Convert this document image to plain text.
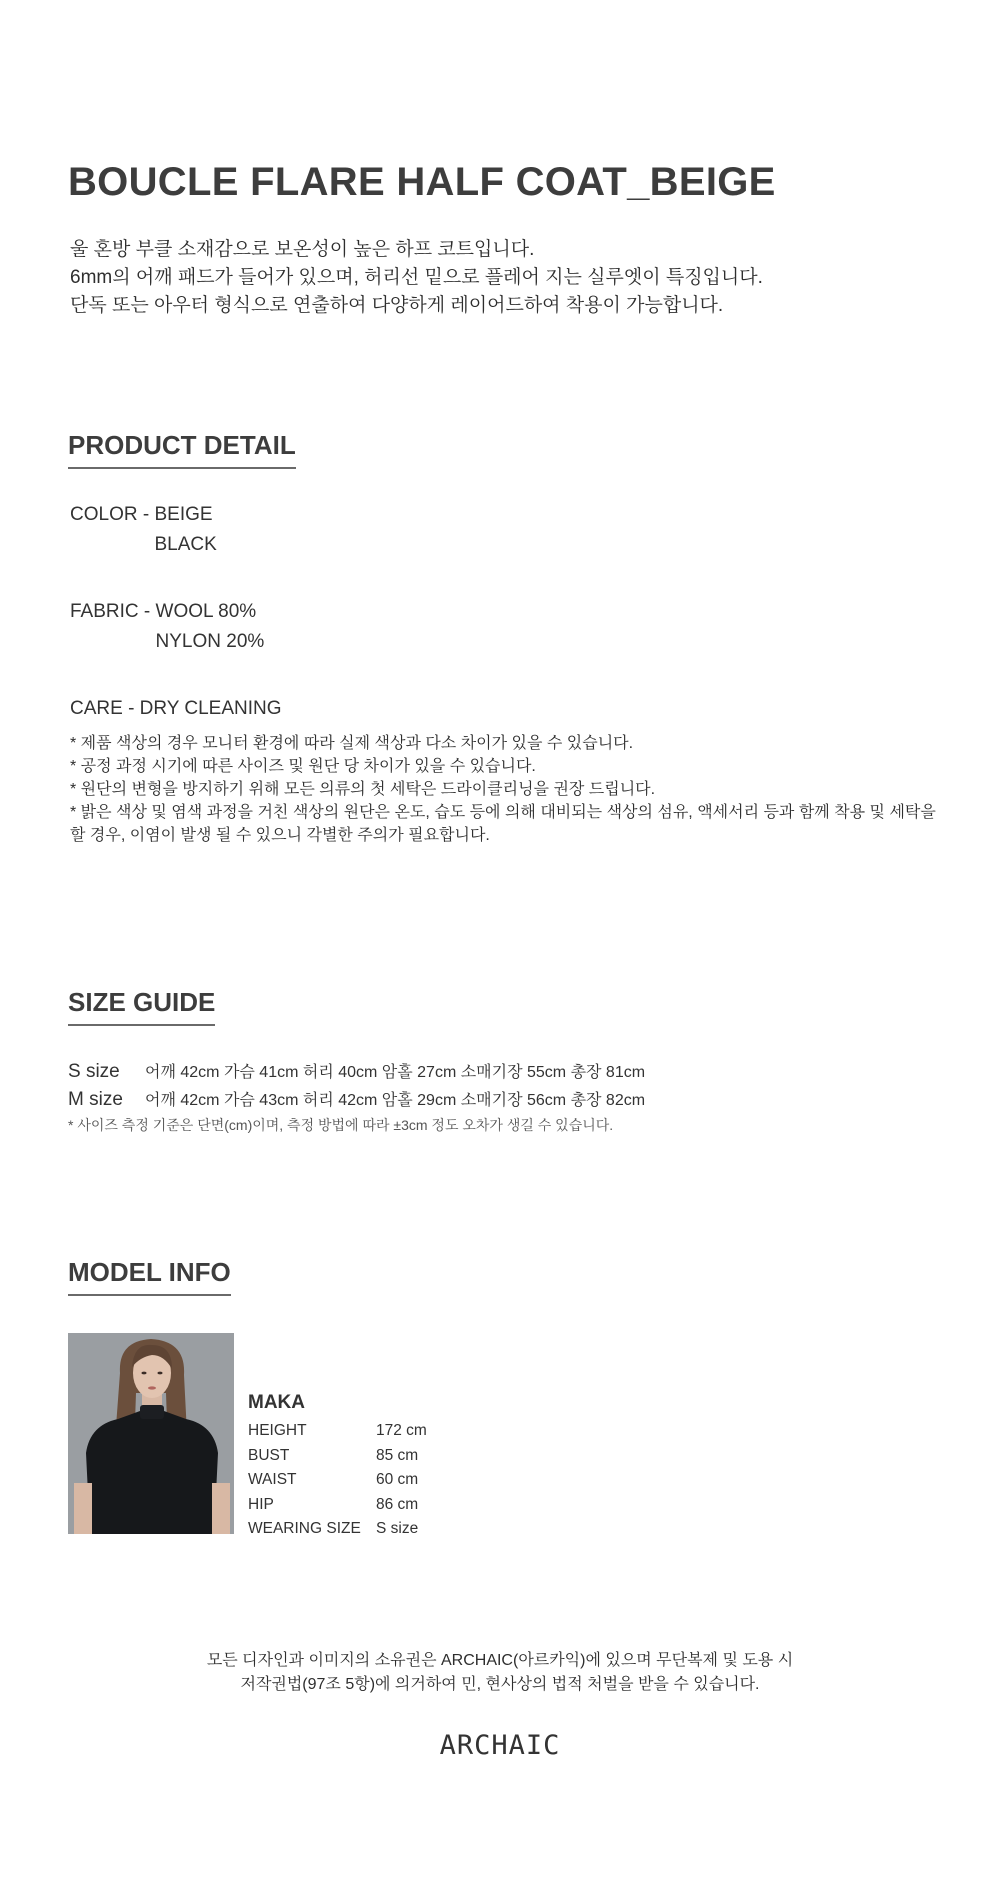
BOUCLE FLARE HALF COAT_BEIGE
울 혼방 부클 소재감으로 보온성이 높은 하프 코트입니다.
6mm의 어깨 패드가 들어가 있으며, 허리선 밑으로 플레어 지는 실루엣이 특징입니다.
단독 또는 아우터 형식으로 연출하여 다양하게 레이어드하여 착용이 가능합니다.
PRODUCT DETAIL
COLOR - BEIGE
BLACK
FABRIC - WOOL 80%
NYLON 20%
CARE - DRY CLEANING
* 제품 색상의 경우 모니터 환경에 따라 실제 색상과 다소 차이가 있을 수 있습니다.
* 공정 과정 시기에 따른 사이즈 및 원단 당 차이가 있을 수 있습니다.
* 원단의 변형을 방지하기 위해 모든 의류의 첫 세탁은 드라이클리닝을 권장 드립니다.
* 밝은 색상 및 염색 과정을 거친 색상의 원단은 온도, 습도 등에 의해 대비되는 색상의 섬유, 액세서리 등과 함께 착용 및 세탁을 할 경우, 이염이 발생 될 수 있으니 각별한 주의가 필요합니다.
SIZE GUIDE
S size 어깨 42cm 가슴 41cm 허리 40cm 암홀 27cm 소매기장 55cm 총장 81cm
M size 어깨 42cm 가슴 43cm 허리 42cm 암홀 29cm 소매기장 56cm 총장 82cm
* 사이즈 측정 기준은 단면(cm)이며, 측정 방법에 따라 ±3cm 정도 오차가 생길 수 있습니다.
MODEL INFO
MAKA
HEIGHT	172 cm
BUST	85 cm
WAIST	60 cm
HIP	86 cm
WEARING SIZE S size
모든 디자인과 이미지의 소유권은 ARCHAIC(아르카익)에 있으며 무단복제 및 도용 시
저작권법(97조 5항)에 의거하여 민, 현사상의 법적 처벌을 받을 수 있습니다.
ARCHAIC
